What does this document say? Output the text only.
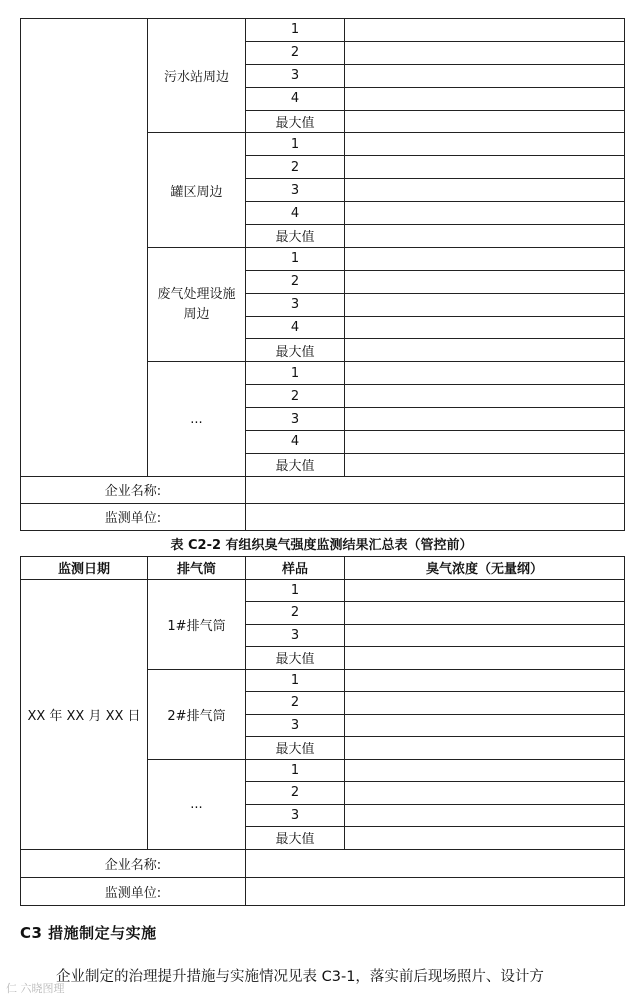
	污水站周边	1	
		2	
		3	
		4	
		最大值	
	罐区周边	1	
		2	
		3	
		4	
		最大值	
	废气处理设施周边	1	
		2	
		3	
		4	
		最大值	
	...	1	
		2	
		3	
		4	
		最大值	
企业名称:			
监测单位:			
表 C2-2 有组织臭气强度监测结果汇总表（管控前）
监测日期	排气筒	样品	臭气浓度（无量纲）
XX 年 XX 月 XX 日	1#排气筒	1	
		2	
		3	
		最大值	
	2#排气筒	1	
		2	
		3	
		最大值	
	...	1	
		2	
		3	
		最大值	
企业名称:			
监测单位:			
C3 措施制定与实施
企业制定的治理提升措施与实施情况见表 C3-1，落实前后现场照片、设计方
仁 六晓图理
